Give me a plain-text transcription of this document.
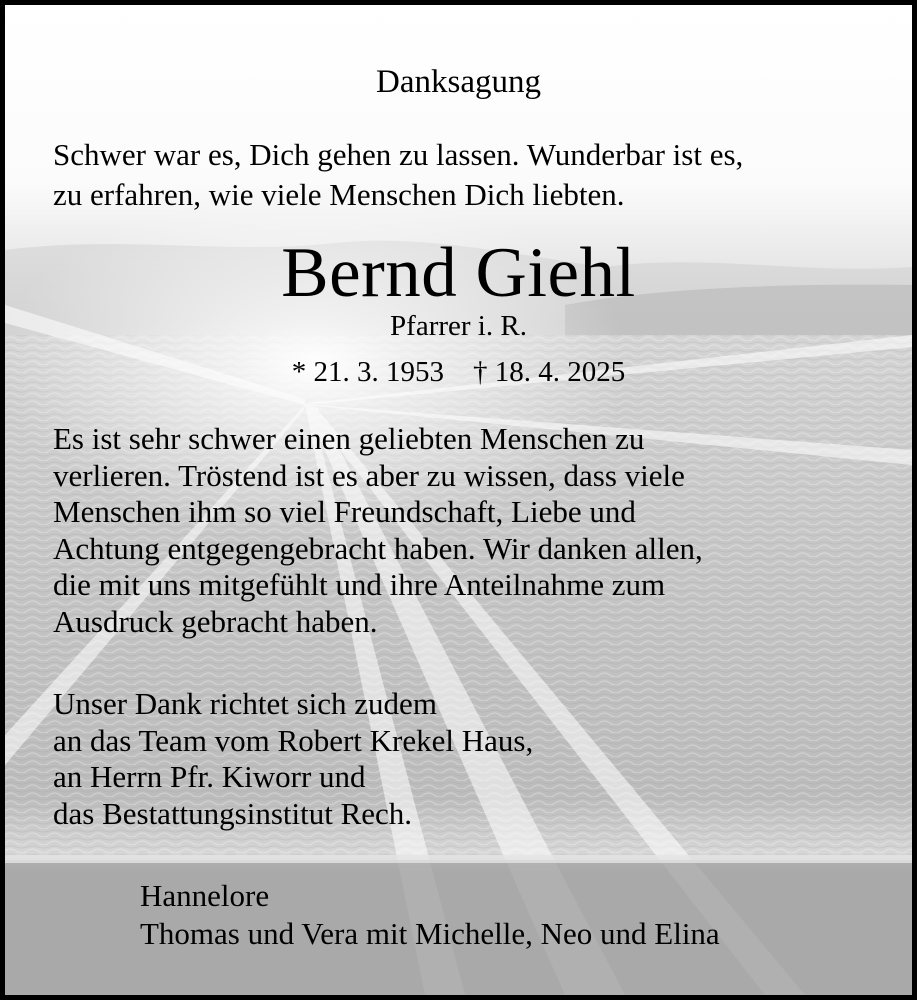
Danksagung
Schwer war es, Dich gehen zu lassen. Wunderbar ist es,
zu erfahren, wie viele Menschen Dich liebten.
Bernd Giehl
Pfarrer i. R.
* 21. 3. 1953    † 18. 4. 2025
Es ist sehr schwer einen geliebten Menschen zu
verlieren. Tröstend ist es aber zu wissen, dass viele
Menschen ihm so viel Freundschaft, Liebe und
Achtung entgegengebracht haben. Wir danken allen,
die mit uns mitgefühlt und ihre Anteilnahme zum
Ausdruck gebracht haben.
Unser Dank richtet sich zudem
an das Team vom Robert Krekel Haus,
an Herrn Pfr. Kiworr und
das Bestattungsinstitut Rech.
Hannelore
Thomas und Vera mit Michelle, Neo und Elina
